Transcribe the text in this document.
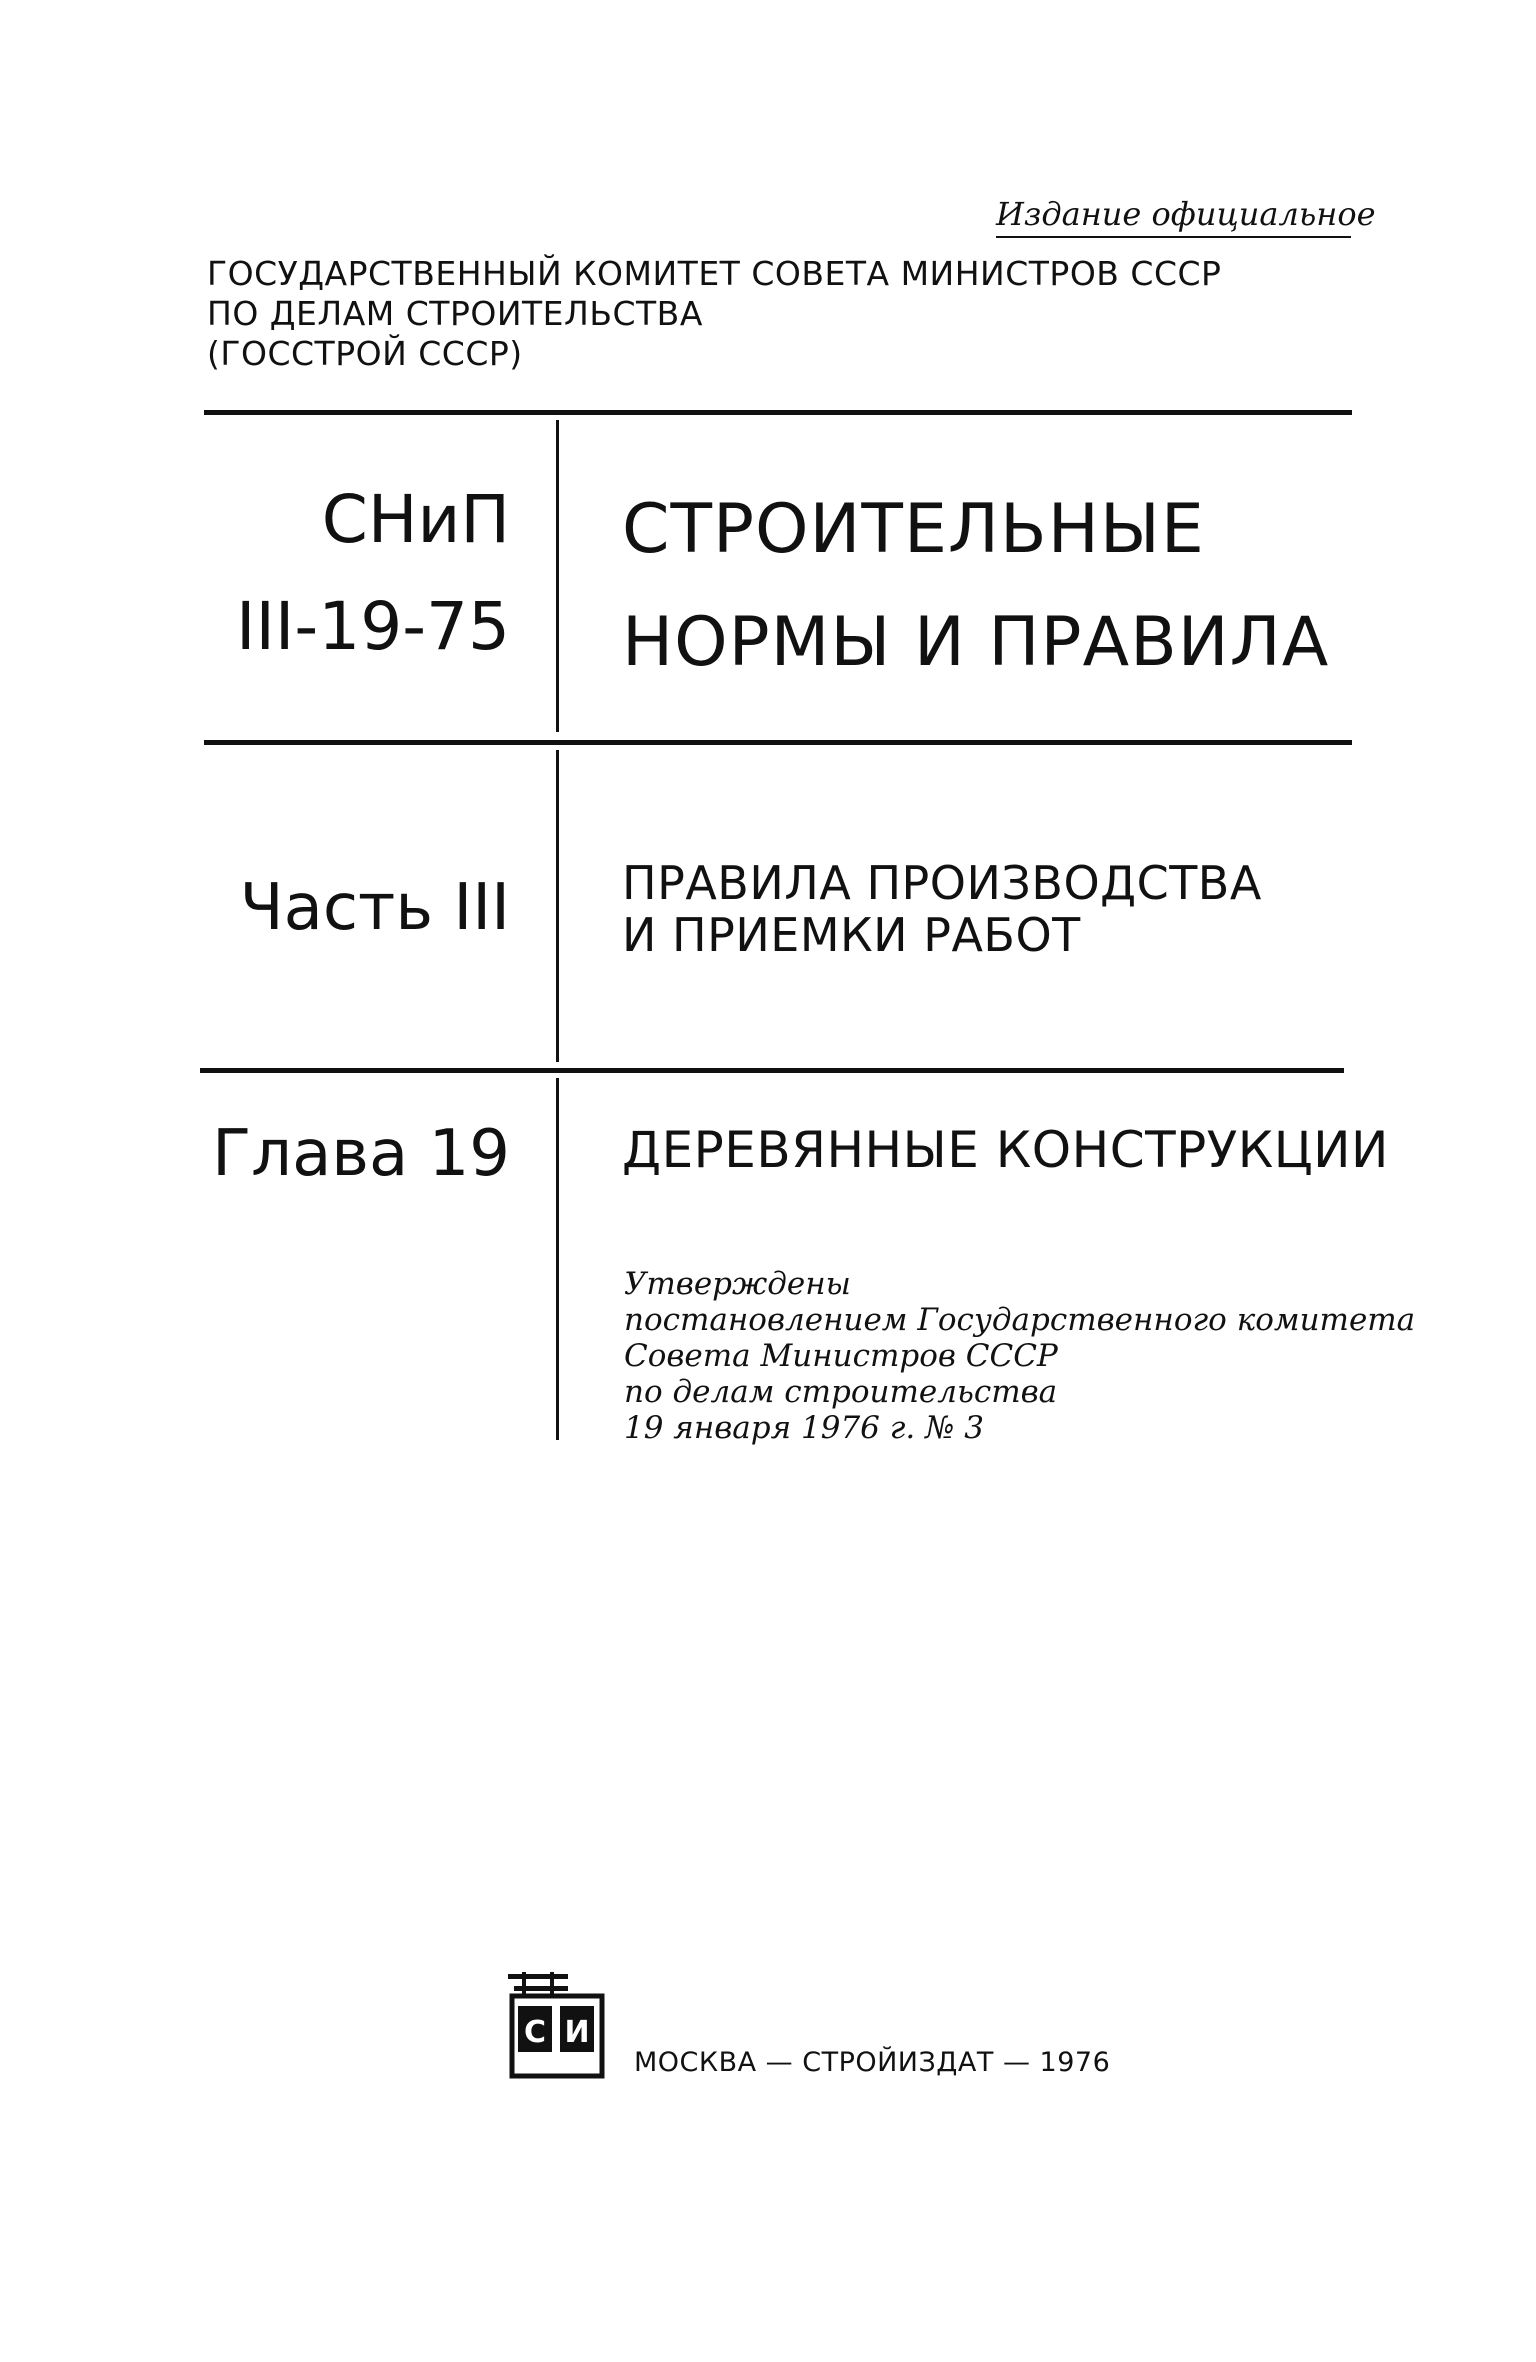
Издание официальное
ГОСУДАРСТВЕННЫЙ КОМИТЕТ СОВЕТА МИНИСТРОВ СССР
ПО ДЕЛАМ СТРОИТЕЛЬСТВА
(ГОССТРОЙ СССР)
СНиП
III-19-75
СТРОИТЕЛЬНЫЕ
НОРМЫ И ПРАВИЛА
Часть III ПРАВИЛА ПРОИЗВОДСТВА
И ПРИЕМКИ РАБОТ
Глава 19 ДЕРЕВЯННЫЕ КОНСТРУКЦИИ
Утверждены
постановлением Государственного комитета
Совета Министров СССР
по делам строительства
19 января 1976 г. № 3
С И
МОСКВА — СТРОЙИЗДАТ — 1976
